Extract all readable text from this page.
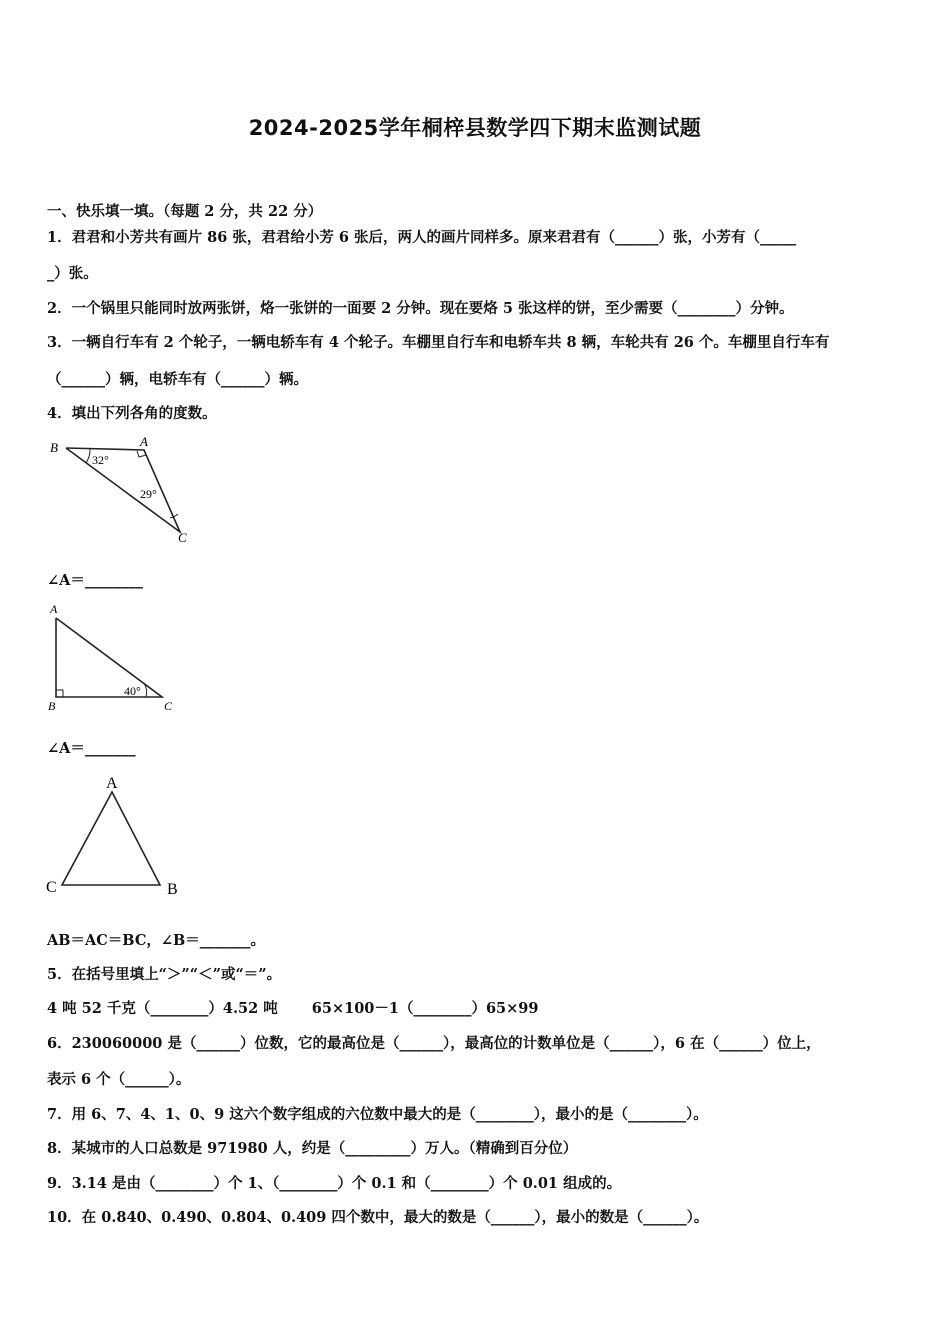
2024-2025学年桐梓县数学四下期末监测试题
一、快乐填一填。（每题 2 分，共 22 分）
1．君君和小芳共有画片 86 张，君君给小芳 6 张后，两人的画片同样多。原来君君有（______）张，小芳有（_____
_）张。
2．一个锅里只能同时放两张饼，烙一张饼的一面要 2 分钟。现在要烙 5 张这样的饼，至少需要（________）分钟。
3．一辆自行车有 2 个轮子，一辆电轿车有 4 个轮子。车棚里自行车和电轿车共 8 辆，车轮共有 26 个。车棚里自行车有
（______）辆，电轿车有（______）辆。
4．填出下列各角的度数。
B	A
C
32°
29°
∠A＝________
A
B	C
40°
∠A＝_______
A
C	B
AB＝AC＝BC，∠B＝_______。
5．在括号里填上“＞”“＜”或“＝”。
4 吨 52 千克（________）4.52 吨 65×100－1（________）65×99
6．230060000 是（______）位数，它的最高位是（______），最高位的计数单位是（______），6 在（______）位上，
表示 6 个（______）。
7．用 6、7、4、1、0、9 这六个数字组成的六位数中最大的是（________），最小的是（________）。
8．某城市的人口总数是 971980 人，约是（_________）万人。（精确到百分位）
9．3.14 是由（________）个 1、（________）个 0.1 和（________）个 0.01 组成的。
10．在 0.840、0.490、0.804、0.409 四个数中，最大的数是（______），最小的数是（______）。
